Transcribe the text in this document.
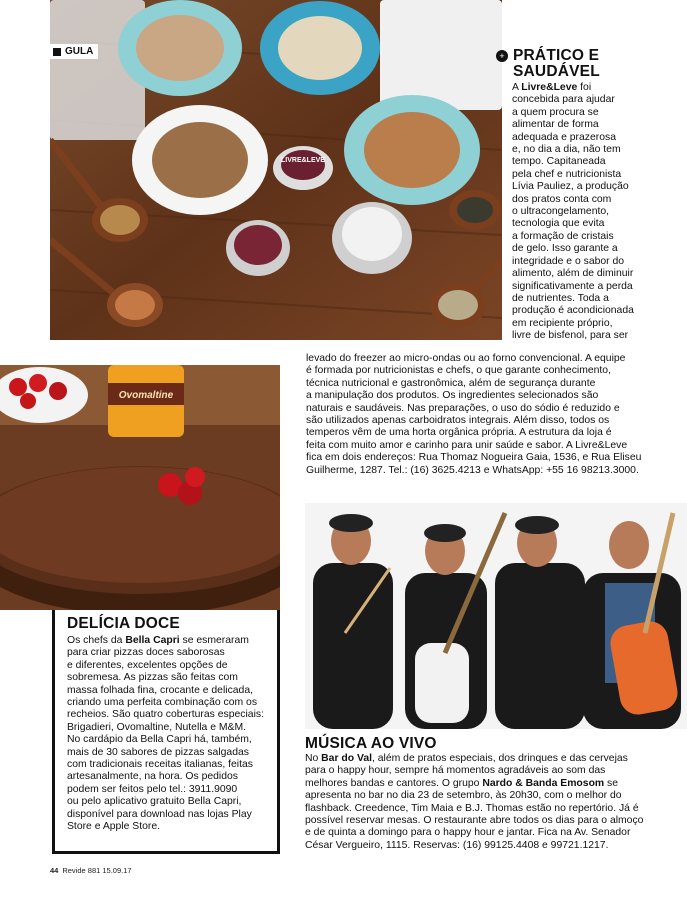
LIVRE&LEVE
GULA	+ PRÁTICO E SAUDÁVEL
A Livre&Leve foi
concebida para ajudar
a quem procura se
alimentar de forma
adequada e prazerosa
e, no dia a dia, não tem
tempo. Capitaneada
pela chef e nutricionista
Lívia Pauliez, a produção
dos pratos conta com
o ultracongelamento,
tecnologia que evita
a formação de cristais
de gelo. Isso garante a
integridade e o sabor do
alimento, além de diminuir
significativamente a perda
de nutrientes. Toda a
produção é acondicionada
em recipiente próprio,
livre de bisfenol, para ser
levado do freezer ao micro-ondas ou ao forno convencional. A equipe
é formada por nutricionistas e chefs, o que garante conhecimento,
técnica nutricional e gastronômica, além de segurança durante
a manipulação dos produtos. Os ingredientes selecionados são
naturais e saudáveis. Nas preparações, o uso do sódio é reduzido e
são utilizados apenas carboidratos integrais. Além disso, todos os
temperos vêm de uma horta orgânica própria. A estrutura da loja é
feita com muito amor e carinho para unir saúde e sabor. A Livre&Leve
fica em dois endereços: Rua Thomaz Nogueira Gaia, 1536, e Rua Eliseu
Guilherme, 1287. Tel.: (16) 3625.4213 e WhatsApp: +55 16 98213.3000.
Ovomaltine
DELÍCIA DOCE
Os chefs da Bella Capri se esmeraram
para criar pizzas doces saborosas
e diferentes, excelentes opções de
sobremesa. As pizzas são feitas com
massa folhada fina, crocante e delicada,
criando uma perfeita combinação com os
recheios. São quatro coberturas especiais:
Brigadieri, Ovomaltine, Nutella e M&M.
No cardápio da Bella Capri há, também,
mais de 30 sabores de pizzas salgadas
com tradicionais receitas italianas, feitas
artesanalmente, na hora. Os pedidos
podem ser feitos pelo tel.: 3911.9090
ou pelo aplicativo gratuito Bella Capri,
disponível para download nas lojas Play
Store e Apple Store.
MÚSICA AO VIVO
No Bar do Val, além de pratos especiais, dos drinques e das cervejas
para o happy hour, sempre há momentos agradáveis ao som das
melhores bandas e cantores. O grupo Nardo & Banda Emosom se
apresenta no bar no dia 23 de setembro, às 20h30, com o melhor do
flashback. Creedence, Tim Maia e B.J. Thomas estão no repertório. Já é
possível reservar mesas. O restaurante abre todos os dias para o almoço
e de quinta a domingo para o happy hour e jantar. Fica na Av. Senador
César Vergueiro, 1115. Reservas: (16) 99125.4408 e 99721.1217.
44 Revide 881 15.09.17
